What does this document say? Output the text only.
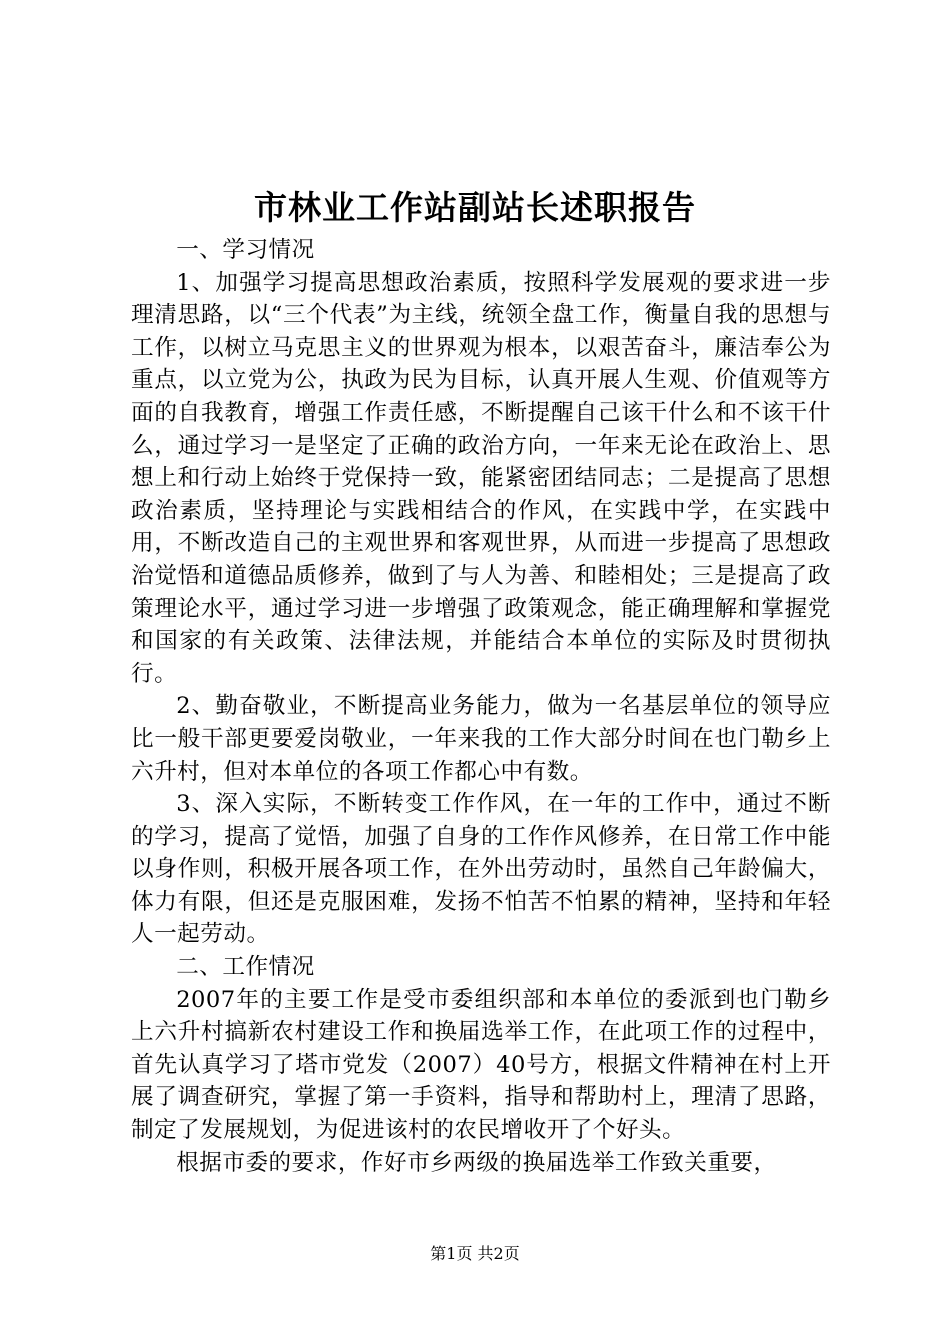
市林业工作站副站长述职报告

一、学习情况

1、加强学习提高思想政治素质，按照科学发展观的要求进一步理清思路，以“三个代表”为主线，统领全盘工作，衡量自我的思想与工作，以树立马克思主义的世界观为根本，以艰苦奋斗，廉洁奉公为重点，以立党为公，执政为民为目标，认真开展人生观、价值观等方面的自我教育，增强工作责任感，不断提醒自己该干什么和不该干什么，通过学习一是坚定了正确的政治方向，一年来无论在政治上、思想上和行动上始终于党保持一致，能紧密团结同志；二是提高了思想政治素质，坚持理论与实践相结合的作风，在实践中学，在实践中用，不断改造自己的主观世界和客观世界，从而进一步提高了思想政治觉悟和道德品质修养，做到了与人为善、和睦相处；三是提高了政策理论水平，通过学习进一步增强了政策观念，能正确理解和掌握党和国家的有关政策、法律法规，并能结合本单位的实际及时贯彻执行。

2、勤奋敬业，不断提高业务能力，做为一名基层单位的领导应比一般干部更要爱岗敬业，一年来我的工作大部分时间在也门勒乡上六升村，但对本单位的各项工作都心中有数。

3、深入实际，不断转变工作作风，在一年的工作中，通过不断的学习，提高了觉悟，加强了自身的工作作风修养，在日常工作中能以身作则，积极开展各项工作，在外出劳动时，虽然自己年龄偏大，体力有限，但还是克服困难，发扬不怕苦不怕累的精神，坚持和年轻人一起劳动。

二、工作情况

2007年的主要工作是受市委组织部和本单位的委派到也门勒乡上六升村搞新农村建设工作和换届选举工作，在此项工作的过程中，首先认真学习了塔市党发（2007）40号方，根据文件精神在村上开展了调查研究，掌握了第一手资料，指导和帮助村上，理清了思路，制定了发展规划，为促进该村的农民增收开了个好头。

根据市委的要求，作好市乡两级的换届选举工作致关重要，

第1页 共2页
